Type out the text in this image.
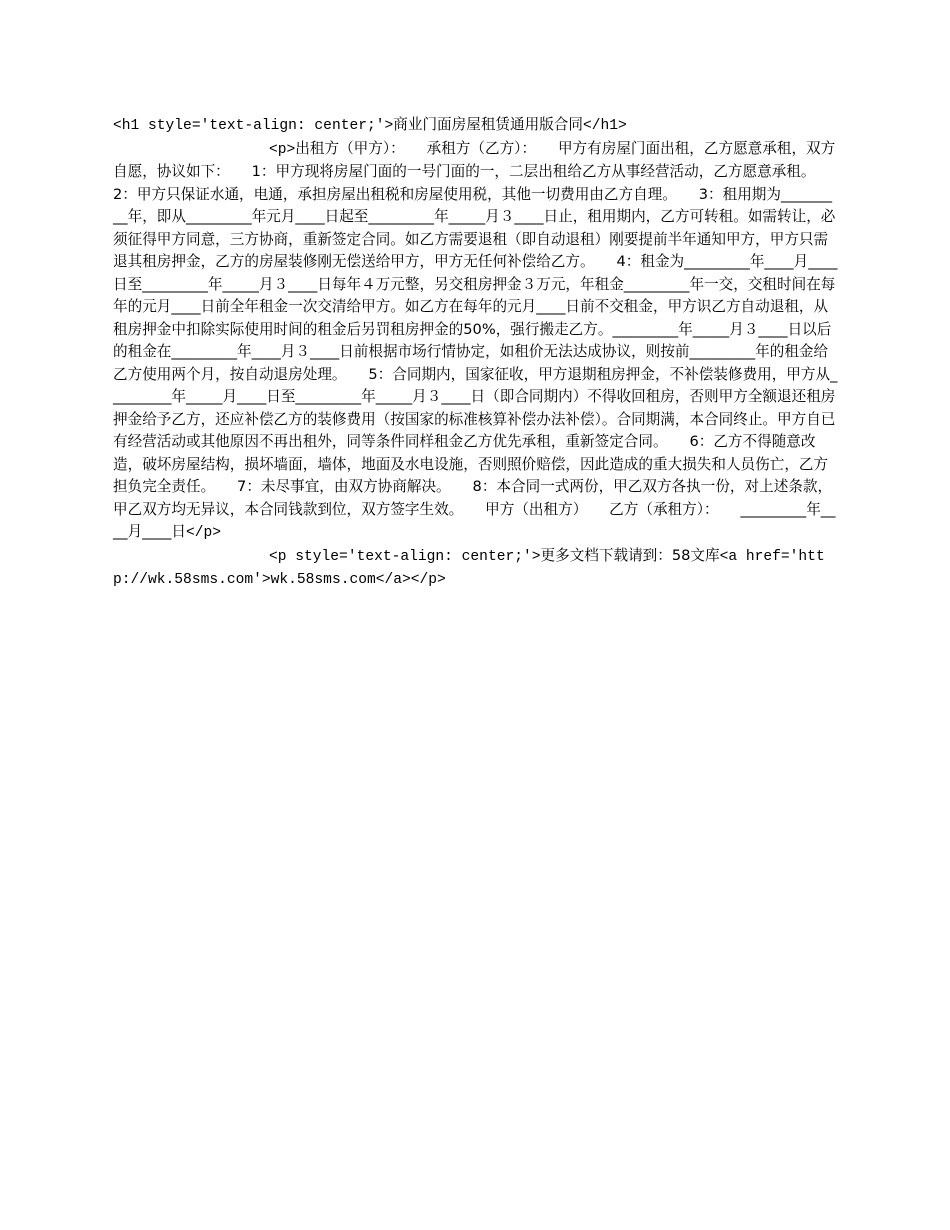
<h1 style='text-align: center;'>商业门面房屋租赁通用版合同</h1>
<p>出租方（甲方）：　　承租方（乙方）：　　甲方有房屋门面出租，乙方愿意承租，双方自愿，协议如下：　　1：甲方现将房屋门面的一号门面的一，二层出租给乙方从事经营活动，乙方愿意承租。　　2：甲方只保证水通，电通，承担房屋出租税和房屋使用税，其他一切费用由乙方自理。　　3：租用期为_________年，即从_________年元月____日起至_________年_____月３____日止，租用期内，乙方可转租。如需转让，必须征得甲方同意，三方协商，重新签定合同。如乙方需要退租（即自动退租）刚要提前半年通知甲方，甲方只需退其租房押金，乙方的房屋装修刚无偿送给甲方，甲方无任何补偿给乙方。　　4：租金为_________年____月____日至_________年_____月３____日每年４万元整，另交租房押金３万元，年租金_________年一交，交租时间在每年的元月____日前全年租金一次交清给甲方。如乙方在每年的元月____日前不交租金，甲方识乙方自动退租，从租房押金中扣除实际使用时间的租金后另罚租房押金的50%，强行搬走乙方。_________年_____月３____日以后的租金在_________年____月３____日前根据市场行情协定，如租价无法达成协议，则按前_________年的租金给乙方使用两个月，按自动退房处理。　　5：合同期内，国家征收，甲方退期租房押金，不补偿装修费用，甲方从_________年_____月____日至_________年_____月３____日（即合同期内）不得收回租房，否则甲方全额退还租房押金给予乙方，还应补偿乙方的装修费用（按国家的标准核算补偿办法补偿）。合同期满，本合同终止。甲方自已有经营活动或其他原因不再出租外，同等条件同样租金乙方优先承租，重新签定合同。　　6：乙方不得随意改造，破坏房屋结构，损坏墙面，墙体，地面及水电设施，否则照价赔偿，因此造成的重大损失和人员伤亡，乙方担负完全责任。　　7：未尽事宜，由双方协商解决。　　8：本合同一式两份，甲乙双方各执一份，对上述条款，甲乙双方均无异议，本合同钱款到位，双方签字生效。　　甲方（出租方）　　乙方（承租方）：　　_________年____月____日</p>
<p style='text-align: center;'>更多文档下载请到：58文库<a href='http://wk.58sms.com'>wk.58sms.com</a></p>
